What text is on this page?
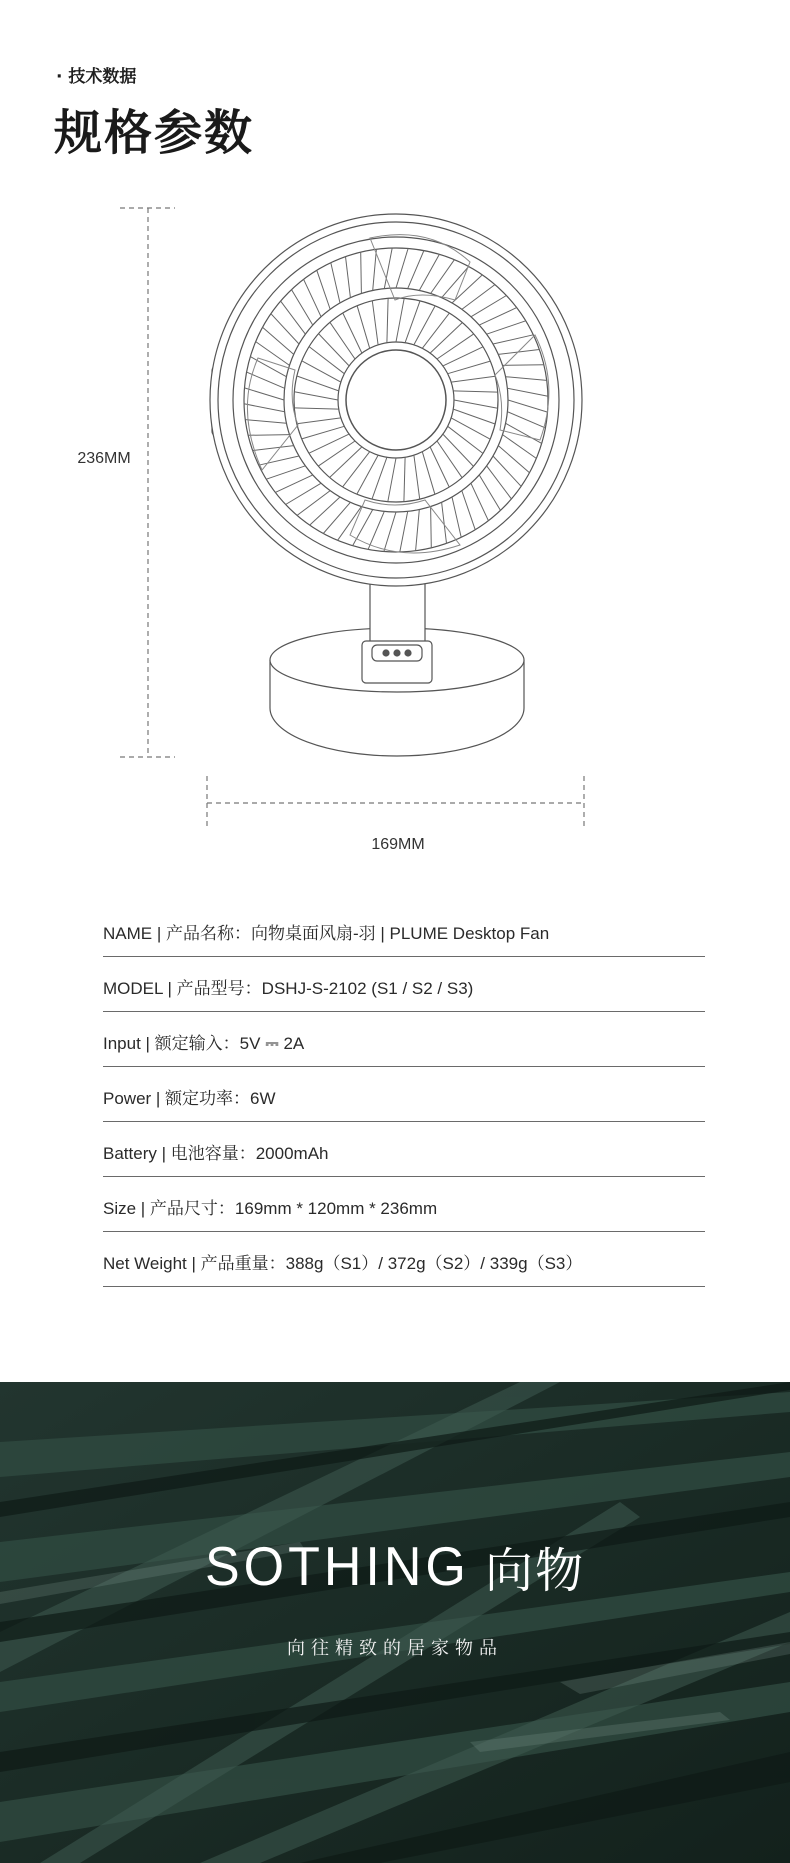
· 技术数据
规格参数
236MM
169MM
NAME | 产品名称：向物桌面风扇-羽 | PLUME Desktop Fan
MODEL | 产品型号：DSHJ-S-2102 (S1 / S2 / S3)
Input | 额定输入：5V ⎓ 2A
Power | 额定功率：6W
Battery | 电池容量：2000mAh
Size | 产品尺寸：169mm * 120mm * 236mm
Net Weight | 产品重量：388g（S1）/ 372g（S2）/ 339g（S3）
SOTHING 向物
向往精致的居家物品
